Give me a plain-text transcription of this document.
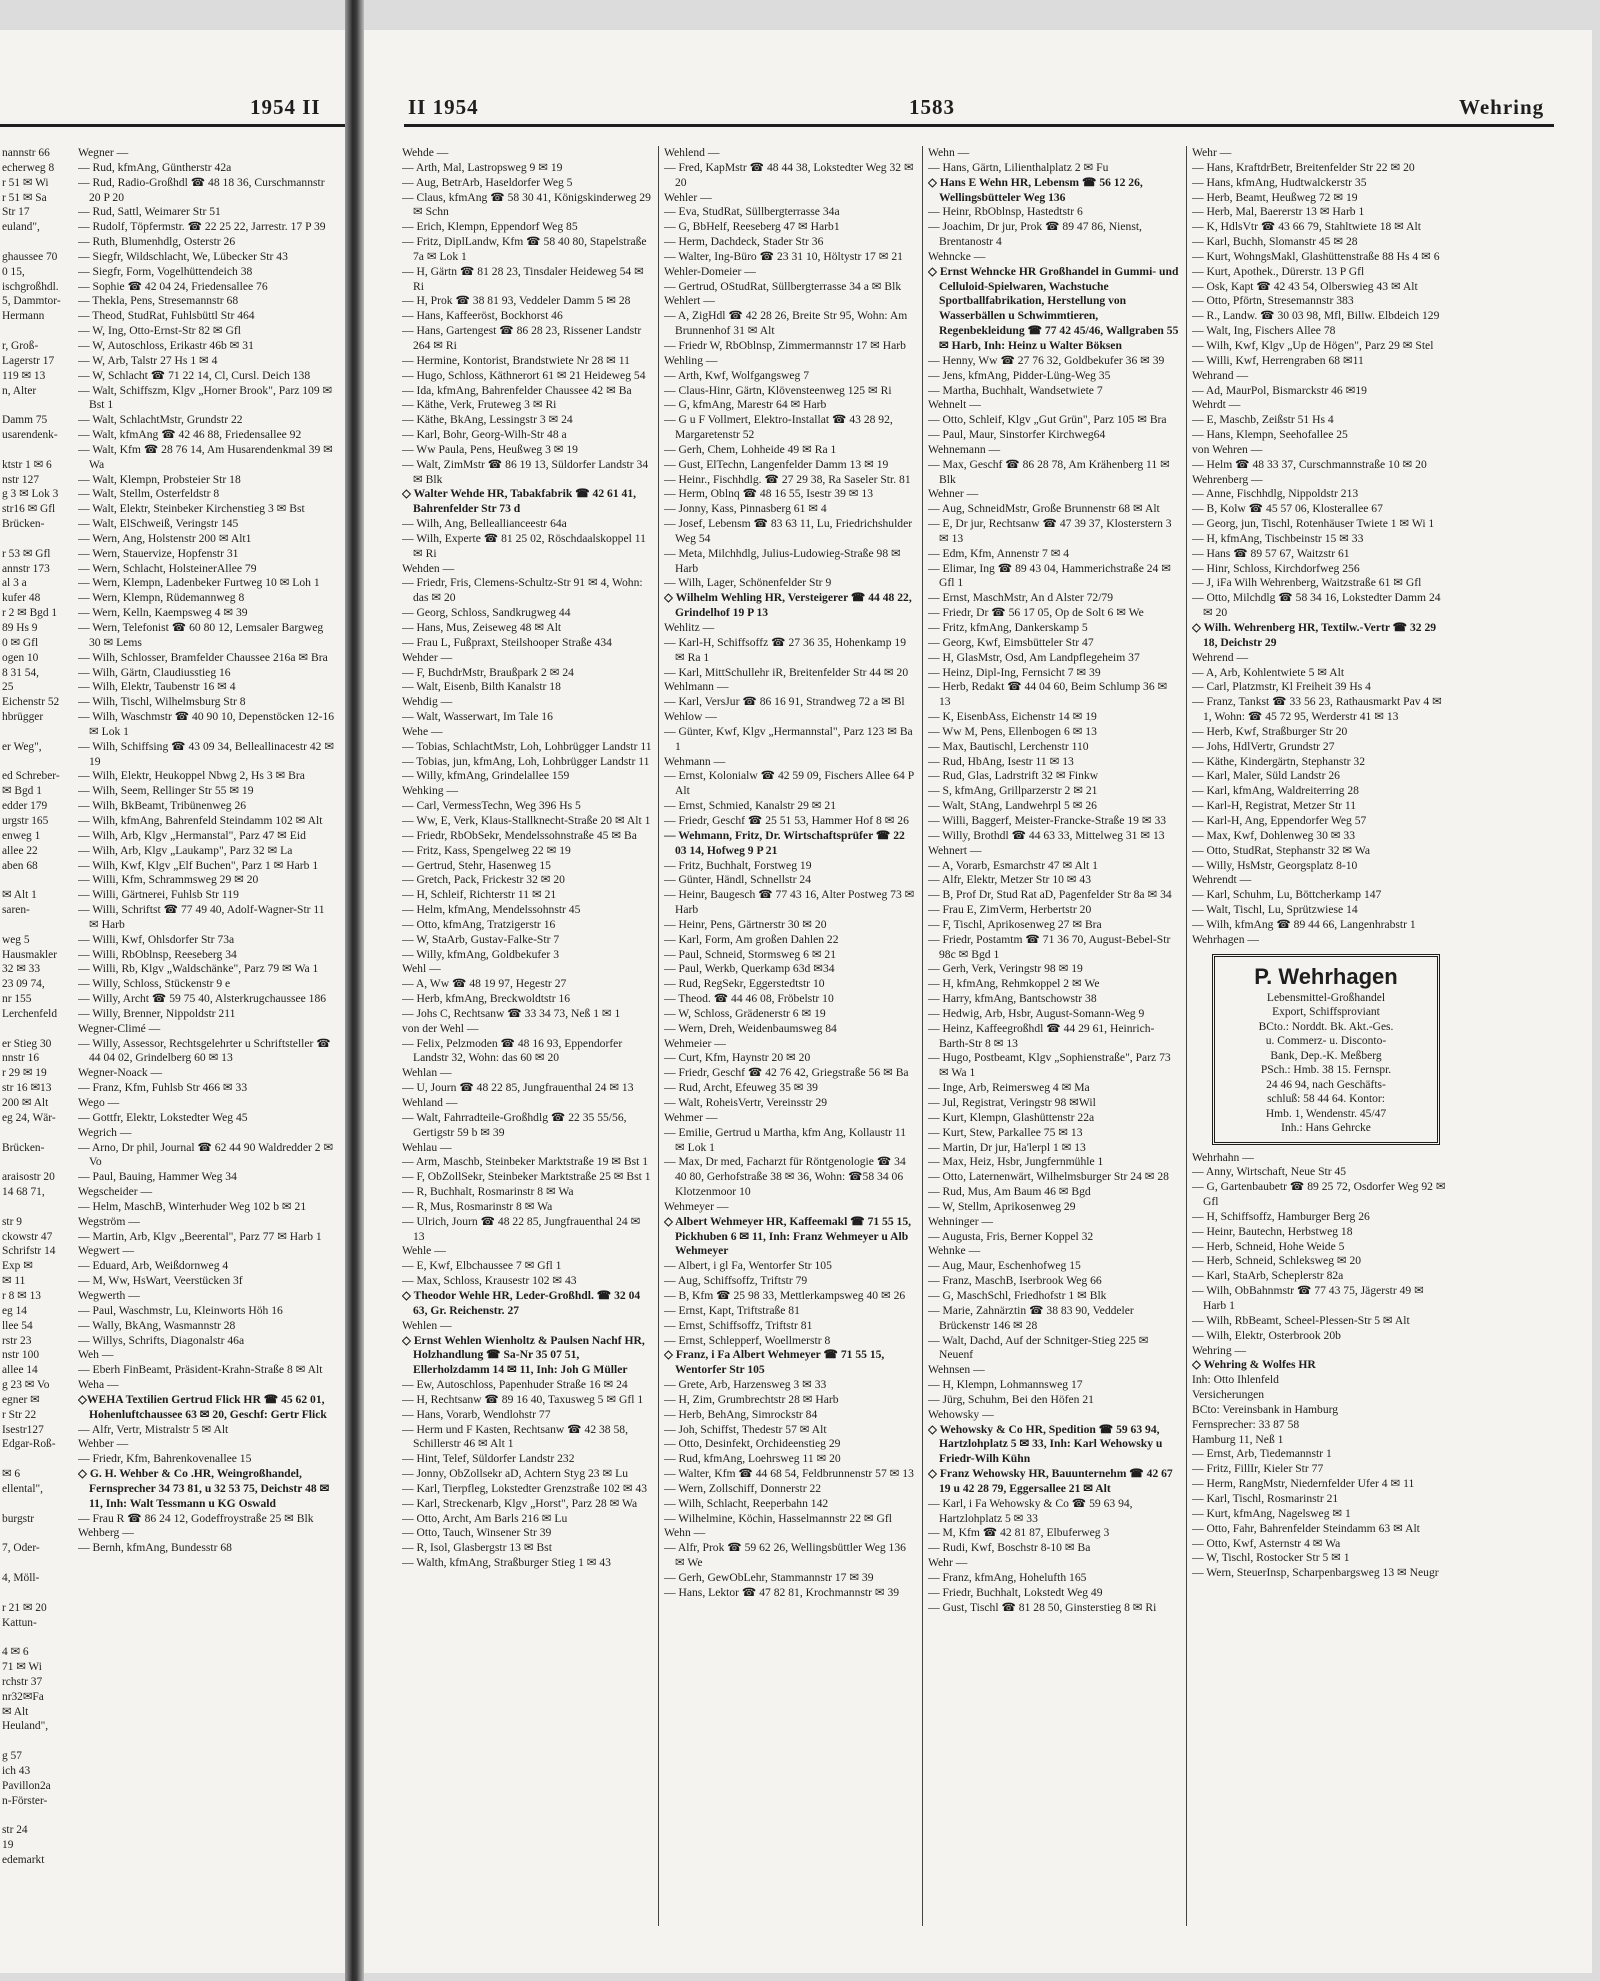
1954 II

nannstr 66

echerweg 8

r 51 ✉ Wi

r 51 ✉ Sa

Str 17

euland",

ghaussee 70

0 15,

ischgroßhdl.

5, Dammtor-

Hermann

r, Groß-

Lagerstr 17

119 ✉ 13

n, Alter

Damm 75

usarendenk-

ktstr 1 ✉ 6

nstr 127

g 3 ✉ Lok 3

str16 ✉ Gfl

Brücken-

r 53 ✉ Gfl

annstr 173

al 3 a

kufer 48

r 2 ✉ Bgd 1

89 Hs 9

0 ✉ Gfl

ogen 10

8 31 54,

25

Eichenstr 52

hbrügger

er Weg",

ed Schreber-

✉ Bgd 1

edder 179

urgstr 165

enweg 1

allee 22

aben 68

✉ Alt 1

saren-

weg 5

Hausmakler

32 ✉ 33

23 09 74,

nr 155

Lerchenfeld

er Stieg 30

nnstr 16

r 29 ✉ 19

str 16 ✉13

200 ✉ Alt

eg 24, Wär-

Brücken-

araisostr 20

14 68 71,

str 9

ckowstr 47

Schrifstr 14

Exp ✉

✉ 11

r 8 ✉ 13

eg 14

llee 54

rstr 23

nstr 100

allee 14

g 23 ✉ Vo

egner ✉

r Str 22

Isestr127

Edgar-Roß-

✉ 6

ellental",

burgstr

7, Oder-

4, Möll-

r 21 ✉ 20

Kattun-

4 ✉ 6

71 ✉ Wi

rchstr 37

nr32✉Fa

✉ Alt

Heuland",

g 57

ich 43

Pavillon2a

n-Förster-

str 24

19

edemarkt

Wegner —

— Rud, kfmAng, Güntherstr 42a

— Rud, Radio-Großhdl ☎ 48 18 36, Curschmannstr 20 P 20

— Rud, Sattl, Weimarer Str 51

— Rudolf, Töpfermstr. ☎ 22 25 22, Jarrestr. 17 P 39

— Ruth, Blumenhdlg, Osterstr 26

— Siegfr, Wildschlacht, We, Lübecker Str 43

— Siegfr, Form, Vogelhüttendeich 38

— Sophie ☎ 42 04 24, Friedensallee 76

— Thekla, Pens, Stresemannstr 68

— Theod, StudRat, Fuhlsbüttl Str 464

— W, Ing, Otto-Ernst-Str 82 ✉ Gfl

— W, Autoschloss, Erikastr 46b ✉ 31

— W, Arb, Talstr 27 Hs 1 ✉ 4

— W, Schlacht ☎ 71 22 14, Cl, Cursl. Deich 138

— Walt, Schiffszm, Klgv „Horner Brook", Parz 109 ✉ Bst 1

— Walt, SchlachtMstr, Grundstr 22

— Walt, kfmAng ☎ 42 46 88, Friedensallee 92

— Walt, Kfm ☎ 28 76 14, Am Husarendenkmal 39 ✉ Wa

— Walt, Klempn, Probsteier Str 18

— Walt, Stellm, Osterfeldstr 8

— Walt, Elektr, Steinbeker Kirchenstieg 3 ✉ Bst

— Walt, ElSchweiß, Veringstr 145

— Wern, Ang, Holstenstr 200 ✉ Alt1

— Wern, Stauervize, Hopfenstr 31

— Wern, Schlacht, HolsteinerAllee 79

— Wern, Klempn, Ladenbeker Furtweg 10 ✉ Loh 1

— Wern, Klempn, Rüdemannweg 8

— Wern, Kelln, Kaempsweg 4 ✉ 39

— Wern, Telefonist ☎ 60 80 12, Lemsaler Bargweg 30 ✉ Lems

— Wilh, Schlosser, Bramfelder Chaussee 216a ✉ Bra

— Wilh, Gärtn, Claudiusstieg 16

— Wilh, Elektr, Taubenstr 16 ✉ 4

— Wilh, Tischl, Wilhelmsburg Str 8

— Wilh, Waschmstr ☎ 40 90 10, Depenstöcken 12-16 ✉ Lok 1

— Wilh, Schiffsing ☎ 43 09 34, Belleallinacestr 42 ✉ 19

— Wilh, Elektr, Heukoppel Nbwg 2, Hs 3 ✉ Bra

— Wilh, Seem, Rellinger Str 55 ✉ 19

— Wilh, BkBeamt, Tribünenweg 26

— Wilh, kfmAng, Bahrenfeld Steindamm 102 ✉ Alt

— Wilh, Arb, Klgv „Hermanstal", Parz 47 ✉ Eid

— Wilh, Arb, Klgv „Laukamp", Parz 32 ✉ La

— Wilh, Kwf, Klgv „Elf Buchen", Parz 1 ✉ Harb 1

— Willi, Kfm, Schrammsweg 29 ✉ 20

— Willi, Gärtnerei, Fuhlsb Str 119

— Willi, Schriftst ☎ 77 49 40, Adolf-Wagner-Str 11 ✉ Harb

— Willi, Kwf, Ohlsdorfer Str 73a

— Willi, RbOblnsp, Reeseberg 34

— Willi, Rb, Klgv „Waldschänke", Parz 79 ✉ Wa 1

— Willy, Schloss, Stückenstr 9 e

— Willy, Archt ☎ 59 75 40, Alsterkrugchaussee 186

— Willy, Brenner, Nippoldstr 211

Wegner-Climé —

— Willy, Assessor, Rechtsgelehrter u Schriftsteller ☎ 44 04 02, Grindelberg 60 ✉ 13

Wegner-Noack —

— Franz, Kfm, Fuhlsb Str 466 ✉ 33

Wego —

— Gottfr, Elektr, Lokstedter Weg 45

Wegrich —

— Arno, Dr phil, Journal ☎ 62 44 90 Waldredder 2 ✉ Vo

— Paul, Bauing, Hammer Weg 34

Wegscheider —

— Helm, MaschB, Winterhuder Weg 102 b ✉ 21

Wegström —

— Martin, Arb, Klgv „Beerental", Parz 77 ✉ Harb 1

Wegwert —

— Eduard, Arb, Weißdornweg 4

— M, Ww, HsWart, Veerstücken 3f

Wegwerth —

— Paul, Waschmstr, Lu, Kleinworts Höh 16

— Wally, BkAng, Wasmannstr 28

— Willys, Schrifts, Diagonalstr 46a

Weh —

— Eberh FinBeamt, Präsident-Krahn-Straße 8 ✉ Alt

Weha —

◇WEHA Textilien Gertrud Flick HR ☎ 45 62 01, Hohenluftchaussee 63 ✉ 20, Geschf: Gertr Flick

— Alfr, Vertr, Mistralstr 5 ✉ Alt

Wehber —

— Friedr, Kfm, Bahrenkovenallee 15

◇ G. H. Wehber & Co .HR, Weingroßhandel, Fernsprecher 34 73 81, u 32 53 75, Deichstr 48 ✉ 11, Inh: Walt Tessmann u KG Oswald

— Frau R ☎ 86 24 12, Godeffroystraße 25 ✉ Blk

Wehberg —

— Bernh, kfmAng, Bundesstr 68

II 1954	1583	Wehring

Wehde —

— Arth, Mal, Lastropsweg 9 ✉ 19

— Aug, BetrArb, Haseldorfer Weg 5

— Claus, kfmAng ☎ 58 30 41, Königskinderweg 29 ✉ Schn

— Erich, Klempn, Eppendorf Weg 85

— Fritz, DiplLandw, Kfm ☎ 58 40 80, Stapelstraße 7a ✉ Lok 1

— H, Gärtn ☎ 81 28 23, Tinsdaler Heideweg 54 ✉ Ri

— H, Prok ☎ 38 81 93, Veddeler Damm 5 ✉ 28

— Hans, Kaffeeröst, Bockhorst 46

— Hans, Gartengest ☎ 86 28 23, Rissener Landstr 264 ✉ Ri

— Hermine, Kontorist, Brandstwiete Nr 28 ✉ 11

— Hugo, Schloss, Käthnerort 61 ✉ 21 Heideweg 54

— Ida, kfmAng, Bahrenfelder Chaussee 42 ✉ Ba

— Käthe, Verk, Fruteweg 3 ✉ Ri

— Käthe, BkAng, Lessingstr 3 ✉ 24

— Karl, Bohr, Georg-Wilh-Str 48 a

— Ww Paula, Pens, Heußweg 3 ✉ 19

— Walt, ZimMstr ☎ 86 19 13, Süldorfer Landstr 34 ✉ Blk

◇ Walter Wehde HR, Tabakfabrik ☎ 42 61 41, Bahrenfelder Str 73 d

— Wilh, Ang, Belleallianceestr 64a

— Wilh, Experte ☎ 81 25 02, Röschdaalskoppel 11 ✉ Ri

Wehden —

— Friedr, Fris, Clemens-Schultz-Str 91 ✉ 4, Wohn: das ✉ 20

— Georg, Schloss, Sandkrugweg 44

— Hans, Mus, Zeiseweg 48 ✉ Alt

— Frau L, Fußpraxt, Steilshooper Straße 434

Wehder —

— F, BuchdrMstr, Braußpark 2 ✉ 24

— Walt, Eisenb, Bilth Kanalstr 18

Wehdig —

— Walt, Wasserwart, Im Tale 16

Wehe —

— Tobias, SchlachtMstr, Loh, Lohbrügger Landstr 11

— Tobias, jun, kfmAng, Loh, Lohbrügger Landstr 11

— Willy, kfmAng, Grindelallee 159

Wehking —

— Carl, VermessTechn, Weg 396 Hs 5

— Ww, E, Verk, Klaus-Stallknecht-Straße 20 ✉ Alt 1

— Friedr, RbObSekr, Mendelssohnstraße 45 ✉ Ba

— Fritz, Kass, Spengelweg 22 ✉ 19

— Gertrud, Stehr, Hasenweg 15

— Gretch, Pack, Frickestr 32 ✉ 20

— H, Schleif, Richterstr 11 ✉ 21

— Helm, kfmAng, Mendelssohnstr 45

— Otto, kfmAng, Tratzigerstr 16

— W, StaArb, Gustav-Falke-Str 7

— Willy, kfmAng, Goldbekufer 3

Wehl —

— A, Ww ☎ 48 19 97, Hegestr 27

— Herb, kfmAng, Breckwoldtstr 16

— Johs C, Rechtsanw ☎ 33 34 73, Neß 1 ✉ 1

von der Wehl —

— Felix, Pelzmoden ☎ 48 16 93, Eppendorfer Landstr 32, Wohn: das 60 ✉ 20

Wehlan —

— U, Journ ☎ 48 22 85, Jungfrauenthal 24 ✉ 13

Wehland —

— Walt, Fahrradteile-Großhdlg ☎ 22 35 55/56, Gertigstr 59 b ✉ 39

Wehlau —

— Arm, Maschb, Steinbeker Marktstraße 19 ✉ Bst 1

— F, ObZollSekr, Steinbeker Marktstraße 25 ✉ Bst 1

— R, Buchhalt, Rosmarinstr 8 ✉ Wa

— R, Mus, Rosmarinstr 8 ✉ Wa

— Ulrich, Journ ☎ 48 22 85, Jungfrauenthal 24 ✉ 13

Wehle —

— E, Kwf, Elbchaussee 7 ✉ Gfl 1

— Max, Schloss, Krausestr 102 ✉ 43

◇ Theodor Wehle HR, Leder-Großhdl. ☎ 32 04 63, Gr. Reichenstr. 27

Wehlen —

◇ Ernst Wehlen Wienholtz & Paulsen Nachf HR, Holzhandlung ☎ Sa-Nr 35 07 51, Ellerholzdamm 14 ✉ 11, Inh: Joh G Müller

— Ew, Autoschloss, Papenhuder Straße 16 ✉ 24

— H, Rechtsanw ☎ 89 16 40, Taxusweg 5 ✉ Gfl 1

— Hans, Vorarb, Wendlohstr 77

— Herm und F Kasten, Rechtsanw ☎ 42 38 58, Schillerstr 46 ✉ Alt 1

— Hint, Telef, Süldorfer Landstr 232

— Jonny, ObZollsekr aD, Achtern Styg 23 ✉ Lu

— Karl, Tierpfleg, Lokstedter Grenzstraße 102 ✉ 43

— Karl, Streckenarb, Klgv „Horst", Parz 28 ✉ Wa

— Otto, Archt, Am Barls 216 ✉ Lu

— Otto, Tauch, Winsener Str 39

— R, Isol, Glasbergstr 13 ✉ Bst

— Walth, kfmAng, Straßburger Stieg 1 ✉ 43

Wehlend —

— Fred, KapMstr ☎ 48 44 38, Lokstedter Weg 32 ✉ 20

Wehler —

— Eva, StudRat, Süllbergterrasse 34a

— G, BbHelf, Reeseberg 47 ✉ Harb1

— Herm, Dachdeck, Stader Str 36

— Walter, Ing-Büro ☎ 23 31 10, Höltystr 17 ✉ 21

Wehler-Domeier —

— Gertrud, OStudRat, Süllbergterrasse 34 a ✉ Blk

Wehlert —

— A, ZigHdl ☎ 42 28 26, Breite Str 95, Wohn: Am Brunnenhof 31 ✉ Alt

— Friedr W, RbOblnsp, Zimmermannstr 17 ✉ Harb

Wehling —

— Arth, Kwf, Wolfgangsweg 7

— Claus-Hinr, Gärtn, Klövensteenweg 125 ✉ Ri

— G, kfmAng, Marestr 64 ✉ Harb

— G u F Vollmert, Elektro-Installat ☎ 43 28 92, Margaretenstr 52

— Gerh, Chem, Lohheide 49 ✉ Ra 1

— Gust, ElTechn, Langenfelder Damm 13 ✉ 19

— Heinr., Fischhdlg. ☎ 27 29 38, Ra Saseler Str. 81

— Herm, Oblnq ☎ 48 16 55, Isestr 39 ✉ 13

— Jonny, Kass, Pinnasberg 61 ✉ 4

— Josef, Lebensm ☎ 83 63 11, Lu, Friedrichshulder Weg 54

— Meta, Milchhdlg, Julius-Ludowieg-Straße 98 ✉ Harb

— Wilh, Lager, Schönenfelder Str 9

◇ Wilhelm Wehling HR, Versteigerer ☎ 44 48 22, Grindelhof 19 P 13

Wehlitz —

— Karl-H, Schiffsoffz ☎ 27 36 35, Hohenkamp 19 ✉ Ra 1

— Karl, MittSchullehr iR, Breitenfelder Str 44 ✉ 20

Wehlmann —

— Karl, VersJur ☎ 86 16 91, Strandweg 72 a ✉ Bl

Wehlow —

— Günter, Kwf, Klgv „Hermannstal", Parz 123 ✉ Ba 1

Wehmann —

— Ernst, Kolonialw ☎ 42 59 09, Fischers Allee 64 P Alt

— Ernst, Schmied, Kanalstr 29 ✉ 21

— Friedr, Geschf ☎ 25 51 53, Hammer Hof 8 ✉ 26

— Wehmann, Fritz, Dr. Wirtschaftsprüfer ☎ 22 03 14, Hofweg 9 P 21

— Fritz, Buchhalt, Forstweg 19

— Günter, Händl, Schnellstr 24

— Heinr, Baugesch ☎ 77 43 16, Alter Postweg 73 ✉ Harb

— Heinr, Pens, Gärtnerstr 30 ✉ 20

— Karl, Form, Am großen Dahlen 22

— Paul, Schneid, Stormsweg 6 ✉ 21

— Paul, Werkb, Querkamp 63d ✉34

— Rud, RegSekr, Eggerstedtstr 10

— Theod. ☎ 44 46 08, Fröbelstr 10

— W, Schloss, Grädenerstr 6 ✉ 19

— Wern, Dreh, Weidenbaumsweg 84

Wehmeier —

— Curt, Kfm, Haynstr 20 ✉ 20

— Friedr, Geschf ☎ 42 76 42, Griegstraße 56 ✉ Ba

— Rud, Archt, Efeuweg 35 ✉ 39

— Walt, RoheisVertr, Vereinsstr 29

Wehmer —

— Emilie, Gertrud u Martha, kfm Ang, Kollaustr 11 ✉ Lok 1

— Max, Dr med, Facharzt für Röntgenologie ☎ 34 40 80, Gerhofstraße 38 ✉ 36, Wohn: ☎58 34 06 Klotzenmoor 10

Wehmeyer —

◇ Albert Wehmeyer HR, Kaffeemakl ☎ 71 55 15, Pickhuben 6 ✉ 11, Inh: Franz Wehmeyer u Alb Wehmeyer

— Albert, i gl Fa, Wentorfer Str 105

— Aug, Schiffsoffz, Triftstr 79

— B, Kfm ☎ 25 98 33, Mettlerkampsweg 40 ✉ 26

— Ernst, Kapt, Triftstraße 81

— Ernst, Schiffsoffz, Triftstr 81

— Ernst, Schlepperf, Woellmerstr 8

◇ Franz, i Fa Albert Wehmeyer ☎ 71 55 15, Wentorfer Str 105

— Grete, Arb, Harzensweg 3 ✉ 33

— H, Zim, Grumbrechtstr 28 ✉ Harb

— Herb, BehAng, Simrockstr 84

— Joh, Schiffst, Thedestr 57 ✉ Alt

— Otto, Desinfekt, Orchideenstieg 29

— Rud, kfmAng, Loehrsweg 11 ✉ 20

— Walter, Kfm ☎ 44 68 54, Feldbrunnenstr 57 ✉ 13

— Wern, Zollschiff, Donnerstr 22

— Wilh, Schlacht, Reeperbahn 142

— Wilhelmine, Köchin, Hasselmannstr 22 ✉ Gfl

Wehn —

— Alfr, Prok ☎ 59 62 26, Wellingsbüttler Weg 136 ✉ We

— Gerh, GewObLehr, Stammannstr 17 ✉ 39

— Hans, Lektor ☎ 47 82 81, Krochmannstr ✉ 39

Wehn —

— Hans, Gärtn, Lilienthalplatz 2 ✉ Fu

◇ Hans E Wehn HR, Lebensm ☎ 56 12 26, Wellingsbütteler Weg 136

— Heinr, RbOblnsp, Hastedtstr 6

— Joachim, Dr jur, Prok ☎ 89 47 86, Nienst, Brentanostr 4

Wehncke —

◇ Ernst Wehncke HR Großhandel in Gummi- und Celluloid-Spielwaren, Wachstuche Sportballfabrikation, Herstellung von Wasserbällen u Schwimmtieren, Regenbekleidung ☎ 77 42 45/46, Wallgraben 55 ✉ Harb, Inh: Heinz u Walter Böksen

— Henny, Ww ☎ 27 76 32, Goldbekufer 36 ✉ 39

— Jens, kfmAng, Pidder-Lüng-Weg 35

— Martha, Buchhalt, Wandsetwiete 7

Wehnelt —

— Otto, Schleif, Klgv „Gut Grün", Parz 105 ✉ Bra

— Paul, Maur, Sinstorfer Kirchweg64

Wehnemann —

— Max, Geschf ☎ 86 28 78, Am Krähenberg 11 ✉ Blk

Wehner —

— Aug, SchneidMstr, Große Brunnenstr 68 ✉ Alt

— E, Dr jur, Rechtsanw ☎ 47 39 37, Klosterstern 3 ✉ 13

— Edm, Kfm, Annenstr 7 ✉ 4

— Elimar, Ing ☎ 89 43 04, Hammerichstraße 24 ✉ Gfl 1

— Ernst, MaschMstr, An d Alster 72/79

— Friedr, Dr ☎ 56 17 05, Op de Solt 6 ✉ We

— Fritz, kfmAng, Dankerskamp 5

— Georg, Kwf, Eimsbütteler Str 47

— H, GlasMstr, Osd, Am Landpflegeheim 37

— Heinz, Dipl-Ing, Fernsicht 7 ✉ 39

— Herb, Redakt ☎ 44 04 60, Beim Schlump 36 ✉ 13

— K, EisenbAss, Eichenstr 14 ✉ 19

— Ww M, Pens, Ellenbogen 6 ✉ 13

— Max, Bautischl, Lerchenstr 110

— Rud, HbAng, Isestr 11 ✉ 13

— Rud, Glas, Ladrstrift 32 ✉ Finkw

— S, kfmAng, Grillparzerstr 2 ✉ 21

— Walt, StAng, Landwehrpl 5 ✉ 26

— Willi, Baggerf, Meister-Francke-Straße 19 ✉ 33

— Willy, Brothdl ☎ 44 63 33, Mittelweg 31 ✉ 13

Wehnert —

— A, Vorarb, Esmarchstr 47 ✉ Alt 1

— Alfr, Elektr, Metzer Str 10 ✉ 43

— B, Prof Dr, Stud Rat aD, Pagenfelder Str 8a ✉ 34

— Frau E, ZimVerm, Herbertstr 20

— F, Tischl, Aprikosenweg 27 ✉ Bra

— Friedr, Postamtm ☎ 71 36 70, August-Bebel-Str 98c ✉ Bgd 1

— Gerh, Verk, Veringstr 98 ✉ 19

— H, kfmAng, Rehmkoppel 2 ✉ We

— Harry, kfmAng, Bantschowstr 38

— Hedwig, Arb, Hsbr, August-Somann-Weg 9

— Heinz, Kaffeegroßhdl ☎ 44 29 61, Heinrich-Barth-Str 8 ✉ 13

— Hugo, Postbeamt, Klgv „Sophienstraße", Parz 73 ✉ Wa 1

— Inge, Arb, Reimersweg 4 ✉ Ma

— Jul, Registrat, Veringstr 98 ✉Wil

— Kurt, Klempn, Glashüttenstr 22a

— Kurt, Stew, Parkallee 75 ✉ 13

— Martin, Dr jur, Ha'lerpl 1 ✉ 13

— Max, Heiz, Hsbr, Jungfernmühle 1

— Otto, Laternenwärt, Wilhelmsburger Str 24 ✉ 28

— Rud, Mus, Am Baum 46 ✉ Bgd

— W, Stellm, Aprikosenweg 29

Wehninger —

— Augusta, Fris, Berner Koppel 32

Wehnke —

— Aug, Maur, Eschenhofweg 15

— Franz, MaschB, Iserbrook Weg 66

— G, MaschSchl, Friedhofstr 1 ✉ Blk

— Marie, Zahnärztin ☎ 38 83 90, Veddeler Brückenstr 146 ✉ 28

— Walt, Dachd, Auf der Schnitger-Stieg 225 ✉ Neuenf

Wehnsen —

— H, Klempn, Lohmannsweg 17

— Jürg, Schuhm, Bei den Höfen 21

Wehowsky —

◇ Wehowsky & Co HR, Spedition ☎ 59 63 94, Hartzlohplatz 5 ✉ 33, Inh: Karl Wehowsky u Friedr-Wilh Kühn

◇ Franz Wehowsky HR, Bauunternehm ☎ 42 67 19 u 42 28 79, Eggersallee 21 ✉ Alt

— Karl, i Fa Wehowsky & Co ☎ 59 63 94, Hartzlohplatz 5 ✉ 33

— M, Kfm ☎ 42 81 87, Elbuferweg 3

— Rudi, Kwf, Boschstr 8-10 ✉ Ba

Wehr —

— Franz, kfmAng, Hohelufth 165

— Friedr, Buchhalt, Lokstedt Weg 49

— Gust, Tischl ☎ 81 28 50, Ginsterstieg 8 ✉ Ri

Wehr —

— Hans, KraftdrBetr, Breitenfelder Str 22 ✉ 20

— Hans, kfmAng, Hudtwalckerstr 35

— Herb, Beamt, Heußweg 72 ✉ 19

— Herb, Mal, Baererstr 13 ✉ Harb 1

— K, HdlsVtr ☎ 43 66 79, Stahltwiete 18 ✉ Alt

— Karl, Buchh, Slomanstr 45 ✉ 28

— Kurt, WohngsMakl, Glashüttenstraße 88 Hs 4 ✉ 6

— Kurt, Apothek., Dürerstr. 13 P Gfl

— Osk, Kapt ☎ 42 43 54, Olberswieg 43 ✉ Alt

— Otto, Pförtn, Stresemannstr 383

— R., Landw. ☎ 30 03 98, Mfl, Billw. Elbdeich 129

— Walt, Ing, Fischers Allee 78

— Wilh, Kwf, Klgv „Up de Högen", Parz 29 ✉ Stel

— Willi, Kwf, Herrengraben 68 ✉11

Wehrand —

— Ad, MaurPol, Bismarckstr 46 ✉19

Wehrdt —

— E, Maschb, Zeißstr 51 Hs 4

— Hans, Klempn, Seehofallee 25

von Wehren —

— Helm ☎ 48 33 37, Curschmannstraße 10 ✉ 20

Wehrenberg —

— Anne, Fischhdlg, Nippoldstr 213

— B, Kolw ☎ 45 57 06, Klosterallee 67

— Georg, jun, Tischl, Rotenhäuser Twiete 1 ✉ Wi 1

— H, kfmAng, Tischbeinstr 15 ✉ 33

— Hans ☎ 89 57 67, Waitzstr 61

— Hinr, Schloss, Kirchdorfweg 256

— J, iFa Wilh Wehrenberg, Waitzstraße 61 ✉ Gfl

— Otto, Milchdlg ☎ 58 34 16, Lokstedter Damm 24 ✉ 20

◇ Wilh. Wehrenberg HR, Textilw.-Vertr ☎ 32 29 18, Deichstr 29

Wehrend —

— A, Arb, Kohlentwiete 5 ✉ Alt

— Carl, Platzmstr, Kl Freiheit 39 Hs 4

— Franz, Tankst ☎ 33 56 23, Rathausmarkt Pav 4 ✉ 1, Wohn: ☎ 45 72 95, Werderstr 41 ✉ 13

— Herb, Kwf, Straßburger Str 20

— Johs, HdlVertr, Grundstr 27

— Käthe, Kindergärtn, Stephanstr 32

— Karl, Maler, Süld Landstr 26

— Karl, kfmAng, Waldreiterring 28

— Karl-H, Registrat, Metzer Str 11

— Karl-H, Ang, Eppendorfer Weg 57

— Max, Kwf, Dohlenweg 30 ✉ 33

— Otto, StudRat, Stephanstr 32 ✉ Wa

— Willy, HsMstr, Georgsplatz 8-10

Wehrendt —

— Karl, Schuhm, Lu, Böttcherkamp 147

— Walt, Tischl, Lu, Sprützwiese 14

— Wilh, kfmAng ☎ 89 44 66, Langenhrabstr 1

Wehrhagen —

P. Wehrhagen
Lebensmittel-Großhandel
Export, Schiffsproviant
BCto.: Norddt. Bk. Akt.-Ges.
u. Commerz- u. Disconto-
Bank, Dep.-K. Meßberg
PSch.: Hmb. 38 15. Fernspr.
24 46 94, nach Geschäfts-
schluß: 58 44 64. Kontor:
Hmb. 1, Wendenstr. 45/47
Inh.: Hans Gehrcke

Wehrhahn —

— Anny, Wirtschaft, Neue Str 45

— G, Gartenbaubetr ☎ 89 25 72, Osdorfer Weg 92 ✉ Gfl

— H, Schiffsoffz, Hamburger Berg 26

— Heinr, Bautechn, Herbstweg 18

— Herb, Schneid, Hohe Weide 5

— Herb, Schneid, Schleksweg ✉ 20

— Karl, StaArb, Scheplerstr 82a

— Wilh, ObBahnmstr ☎ 77 43 75, Jägerstr 49 ✉ Harb 1

— Wilh, RbBeamt, Scheel-Plessen-Str 5 ✉ Alt

— Wilh, Elektr, Osterbrook 20b

Wehring —

◇ Wehring & Wolfes HR

Inh: Otto Ihlenfeld

Versicherungen

BCto: Vereinsbank in Hamburg

Fernsprecher: 33 87 58

Hamburg 11, Neß 1

— Ernst, Arb, Tiedemannstr 1

— Fritz, FillIr, Kieler Str 77

— Herm, RangMstr, Niedernfelder Ufer 4 ✉ 11

— Karl, Tischl, Rosmarinstr 21

— Kurt, kfmAng, Nagelsweg ✉ 1

— Otto, Fahr, Bahrenfelder Steindamm 63 ✉ Alt

— Otto, Kwf, Asternstr 4 ✉ Wa

— W, Tischl, Rostocker Str 5 ✉ 1

— Wern, SteuerInsp, Scharpenbargsweg 13 ✉ Neugr
